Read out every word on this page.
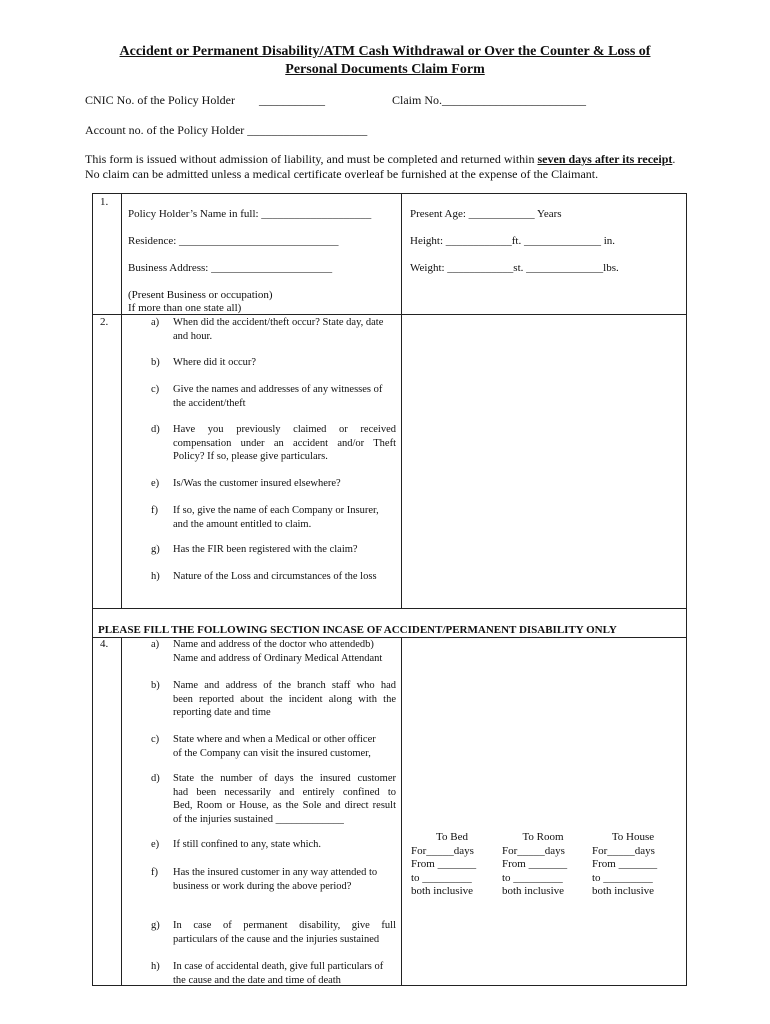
Accident or Permanent Disability/ATM Cash Withdrawal or Over the Counter & Loss of
Personal Documents Claim Form
CNIC No. of the Policy Holder ___________	Claim No.________________________
Account no. of the Policy Holder ____________________
This form is issued without admission of liability, and must be completed and returned within seven days after its receipt.
No claim can be admitted unless a medical certificate overleaf be furnished at the expense of the Claimant.
1.
Policy Holder’s Name in full: ____________________
Residence: _____________________________
Business Address: ______________________
(Present Business or occupation)
If more than one state all)
Present Age: ____________ Years
Height: ____________ft. ______________ in.
Weight: ____________st. ______________lbs.
2.	a) When did the accident/theft occur? State day, date
and hour.
b) Where did it occur?
c) Give the names and addresses of any witnesses of
the accident/theft
d) Have you previously claimed or received
compensation under an accident and/or Theft
Policy? If so, please give particulars.
e) Is/Was the customer insured elsewhere?
f) If so, give the name of each Company or Insurer,
and the amount entitled to claim.
g) Has the FIR been registered with the claim?
h) Nature of the Loss and circumstances of the loss
PLEASE FILL THE FOLLOWING SECTION INCASE OF ACCIDENT/PERMANENT DISABILITY ONLY
4.	a) Name and address of the doctor who attendedb)
Name and address of Ordinary Medical Attendant
b) Name and address of the branch staff who had
been reported about the incident along with the
reporting date and time
c) State where and when a Medical or other officer
of the Company can visit the insured customer,
d) State the number of days the insured customer
had been necessarily and entirely confined to
Bed, Room or House, as the Sole and direct result
of the injuries sustained _____________
e) If still confined to any, state which.
f) Has the insured customer in any way attended to
business or work during the above period?
g) In case of permanent disability, give full
particulars of the cause and the injuries sustained
h) In case of accidental death, give full particulars of
the cause and the date and time of death
To Bed
For_____days
From _______
to _________
both inclusive
To Room
For_____days
From _______
to _________
both inclusive
To House
For_____days
From _______
to _________
both inclusive
